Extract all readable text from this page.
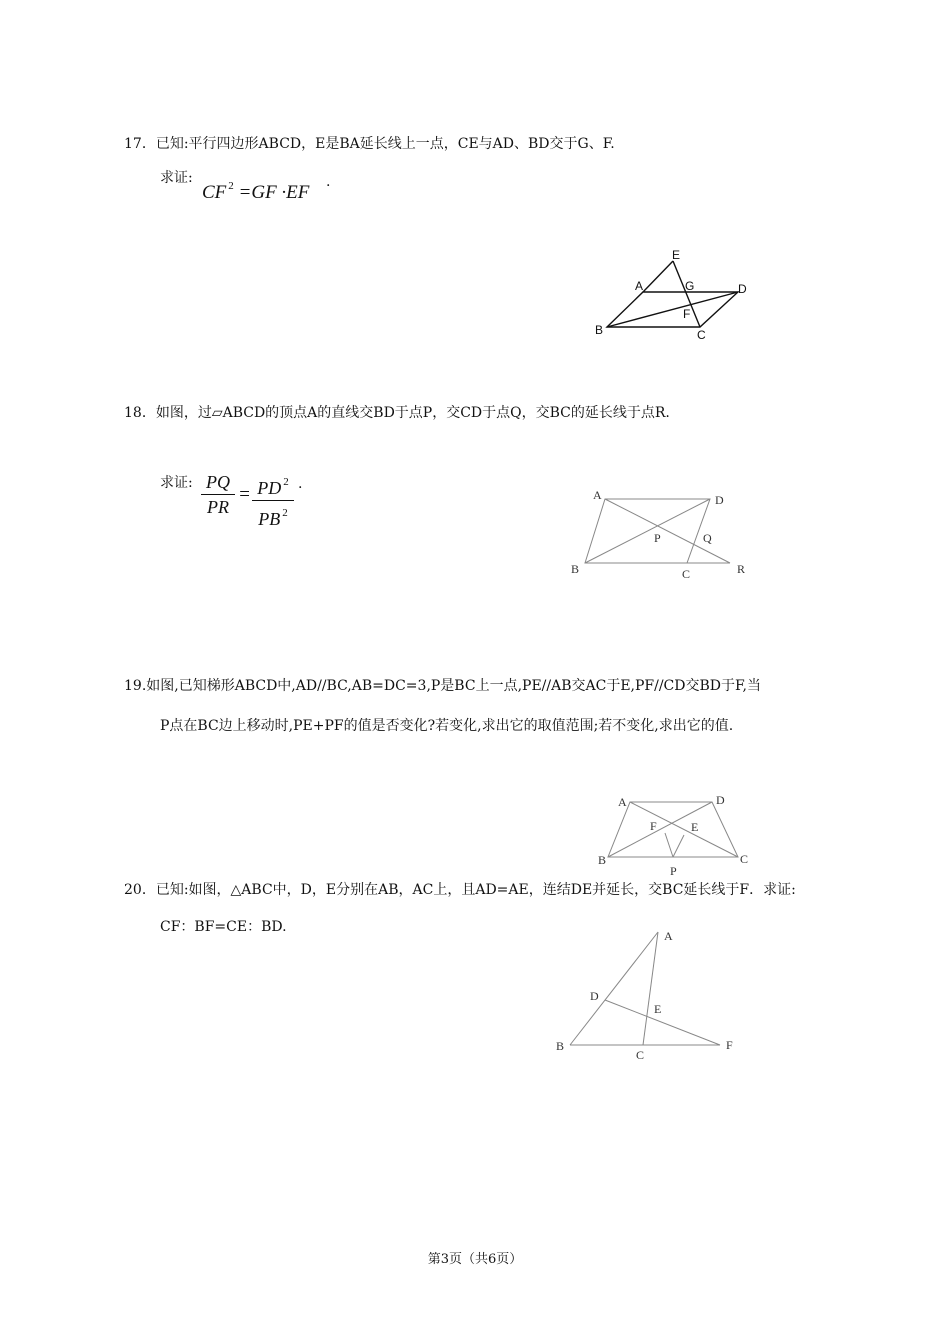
17．已知:平行四边形ABCD，E是BA延长线上一点，CE与AD、BD交于G、F.
求证:
CF $^2$ =GF ·EF .
E
A	G	D
F
B	C
18．如图，过▱ABCD的顶点A的直线交BD于点P，交CD于点Q，交BC的延长线于点R.
求证: PQ
PR
= PD $^2$
PB $^2$
.
A	D
P	Q
B	C	R
19.如图,已知梯形ABCD中,AD//BC,AB=DC=3,P是BC上一点,PE//AB交AC于E,PF//CD交BD于F,当
P点在BC边上移动时,PE+PF的值是否变化?若变化,求出它的取值范围;若不变化,求出它的值.
A	D
F	E
B	C
P
20．已知:如图，△ABC中，D，E分别在AB，AC上，且AD=AE，连结DE并延长，交BC延长线于F．求证:
CF：BF=CE：BD.
A
D
E
B
C
F
第3页（共6页）
